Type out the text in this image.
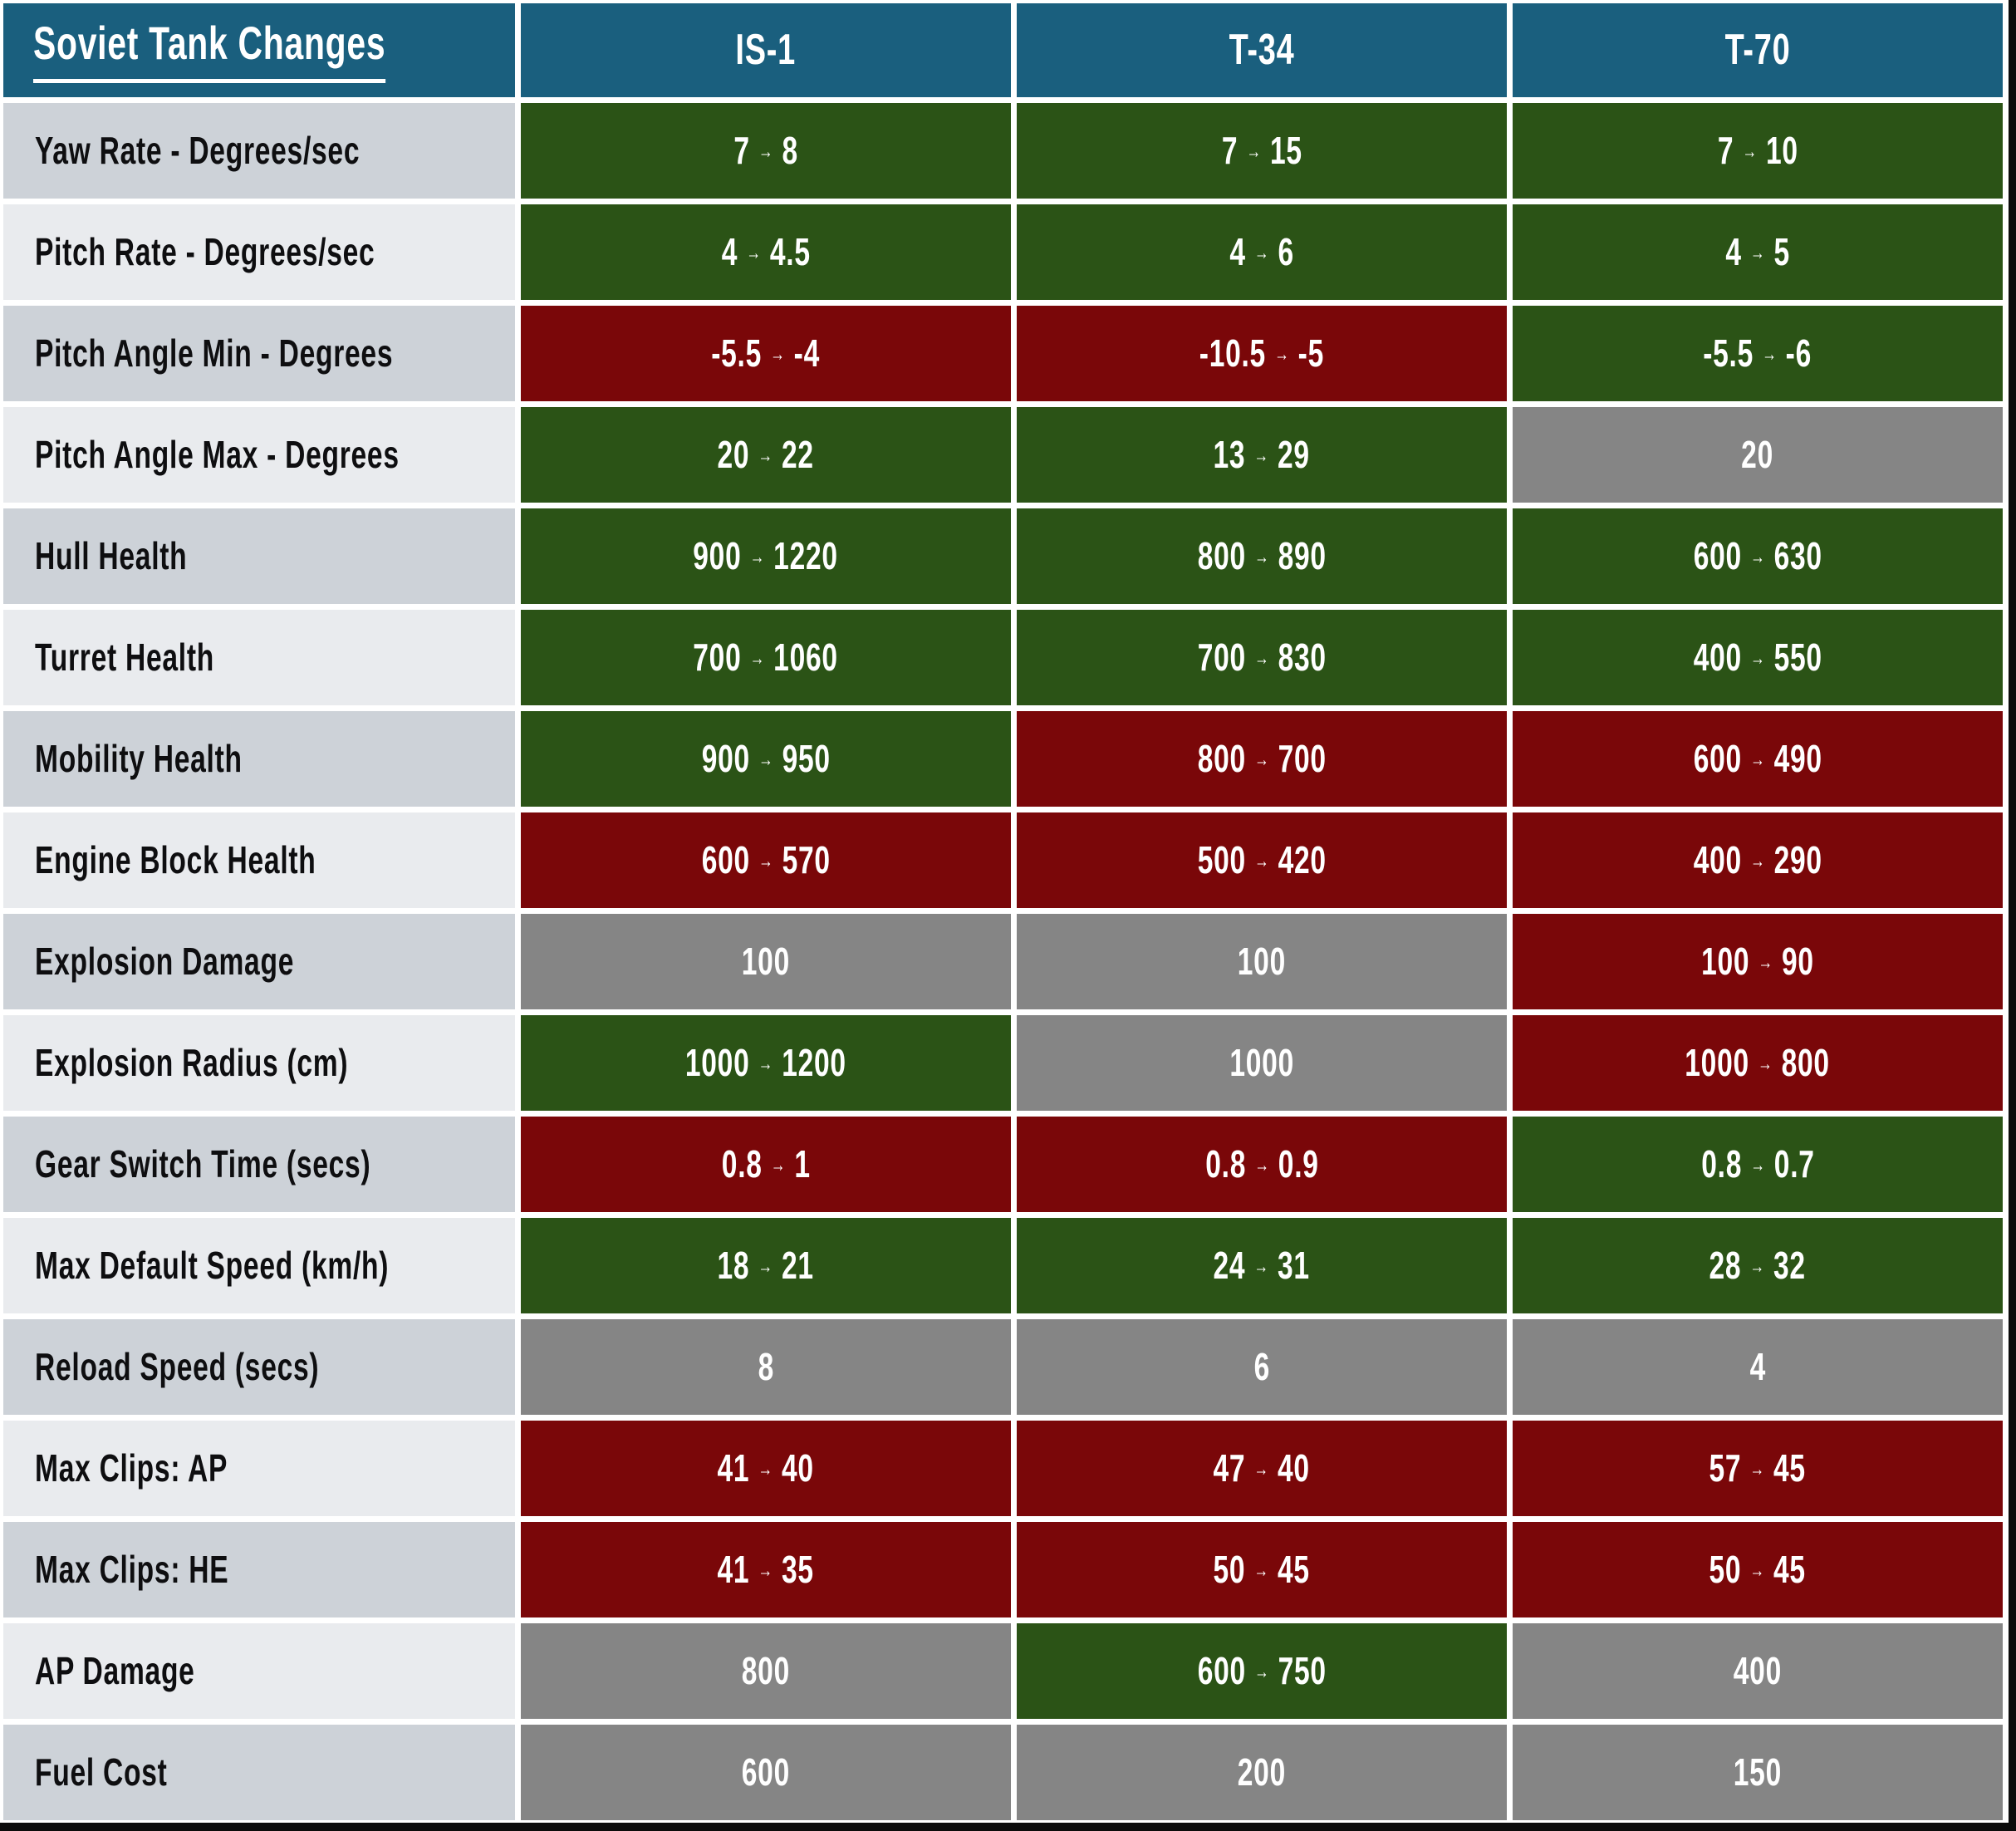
Soviet Tank Changes	IS-1	T-34	T-70
Yaw Rate - Degrees/sec	7 → 8	7 → 15	7 → 10
Pitch Rate - Degrees/sec	4 → 4.5	4 → 6	4 → 5
Pitch Angle Min - Degrees	-5.5 → -4	-10.5 → -5	-5.5 → -6
Pitch Angle Max - Degrees	20 → 22	13 → 29	20
Hull Health	900 → 1220	800 → 890	600 → 630
Turret Health	700 → 1060	700 → 830	400 → 550
Mobility Health	900 → 950	800 → 700	600 → 490
Engine Block Health	600 → 570	500 → 420	400 → 290
Explosion Damage	100	100	100 → 90
Explosion Radius (cm)	1000 → 1200	1000	1000 → 800
Gear Switch Time (secs)	0.8 → 1	0.8 → 0.9	0.8 → 0.7
Max Default Speed (km/h)	18 → 21	24 → 31	28 → 32
Reload Speed (secs)	8	6	4
Max Clips: AP	41 → 40	47 → 40	57 → 45
Max Clips: HE	41 → 35	50 → 45	50 → 45
AP Damage	800	600 → 750	400
Fuel Cost	600	200	150
